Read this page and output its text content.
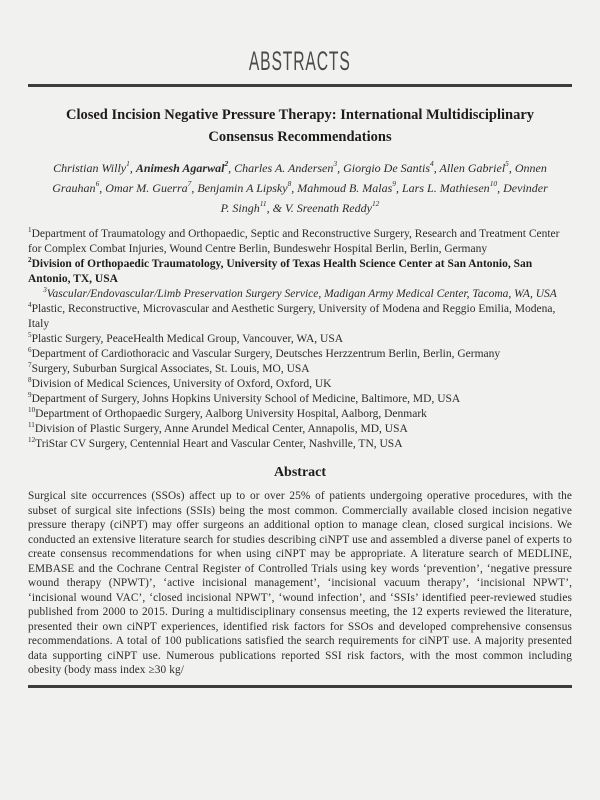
ABSTRACTS
Closed Incision Negative Pressure Therapy: International Multidisciplinary
Consensus Recommendations

Christian Willy$^1$, Animesh Agarwal$^2$, Charles A. Andersen$^3$, Giorgio De Santis$^4$, Allen Gabriel$^5$, Onnen Grauhan$^6$, Omar M. Guerra$^7$, Benjamin A Lipsky$^8$, Mahmoud B. Malas$^9$, Lars L. Mathiesen$^{10}$, Devinder P. Singh$^{11}$, & V. Sreenath Reddy$^{12}$

$^1$Department of Traumatology and Orthopaedic, Septic and Reconstructive Surgery, Research and Treatment Center for Complex Combat Injuries, Wound Centre Berlin, Bundeswehr Hospital Berlin, Berlin, Germany
$^2$Division of Orthopaedic Traumatology, University of Texas Health Science Center at San Antonio, San Antonio, TX, USA
$^3$Vascular/Endovascular/Limb Preservation Surgery Service, Madigan Army Medical Center, Tacoma, WA, USA
$^4$Plastic, Reconstructive, Microvascular and Aesthetic Surgery, University of Modena and Reggio Emilia, Modena, Italy
$^5$Plastic Surgery, PeaceHealth Medical Group, Vancouver, WA, USA
$^6$Department of Cardiothoracic and Vascular Surgery, Deutsches Herzzentrum Berlin, Berlin, Germany
$^7$Surgery, Suburban Surgical Associates, St. Louis, MO, USA
$^8$Division of Medical Sciences, University of Oxford, Oxford, UK
$^9$Department of Surgery, Johns Hopkins University School of Medicine, Baltimore, MD, USA
$^{10}$Department of Orthopaedic Surgery, Aalborg University Hospital, Aalborg, Denmark
$^{11}$Division of Plastic Surgery, Anne Arundel Medical Center, Annapolis, MD, USA
$^{12}$TriStar CV Surgery, Centennial Heart and Vascular Center, Nashville, TN, USA
Abstract

Surgical site occurrences (SSOs) affect up to or over 25% of patients undergoing operative procedures, with the subset of surgical site infections (SSIs) being the most common. Commercially available closed incision negative pressure therapy (ciNPT) may offer surgeons an additional option to manage clean, closed surgical incisions. We conducted an extensive literature search for studies describing ciNPT use and assembled a diverse panel of experts to create consensus recommendations for when using ciNPT may be appropriate. A literature search of MEDLINE, EMBASE and the Cochrane Central Register of Controlled Trials using key words ‘prevention’, ‘negative pressure wound therapy (NPWT)’, ‘active incisional management’, ‘incisional vacuum therapy’, ‘incisional NPWT’, ‘incisional wound VAC’, ‘closed incisional NPWT’, ‘wound infection’, and ‘SSIs’ identified peer-reviewed studies published from 2000 to 2015. During a multidisciplinary consensus meeting, the 12 experts reviewed the literature, presented their own ciNPT experiences, identified risk factors for SSOs and developed comprehensive consensus recommendations. A total of 100 publications satisfied the search requirements for ciNPT use. A majority presented data supporting ciNPT use. Numerous publications reported SSI risk factors, with the most common including obesity (body mass index ≥30 kg/
